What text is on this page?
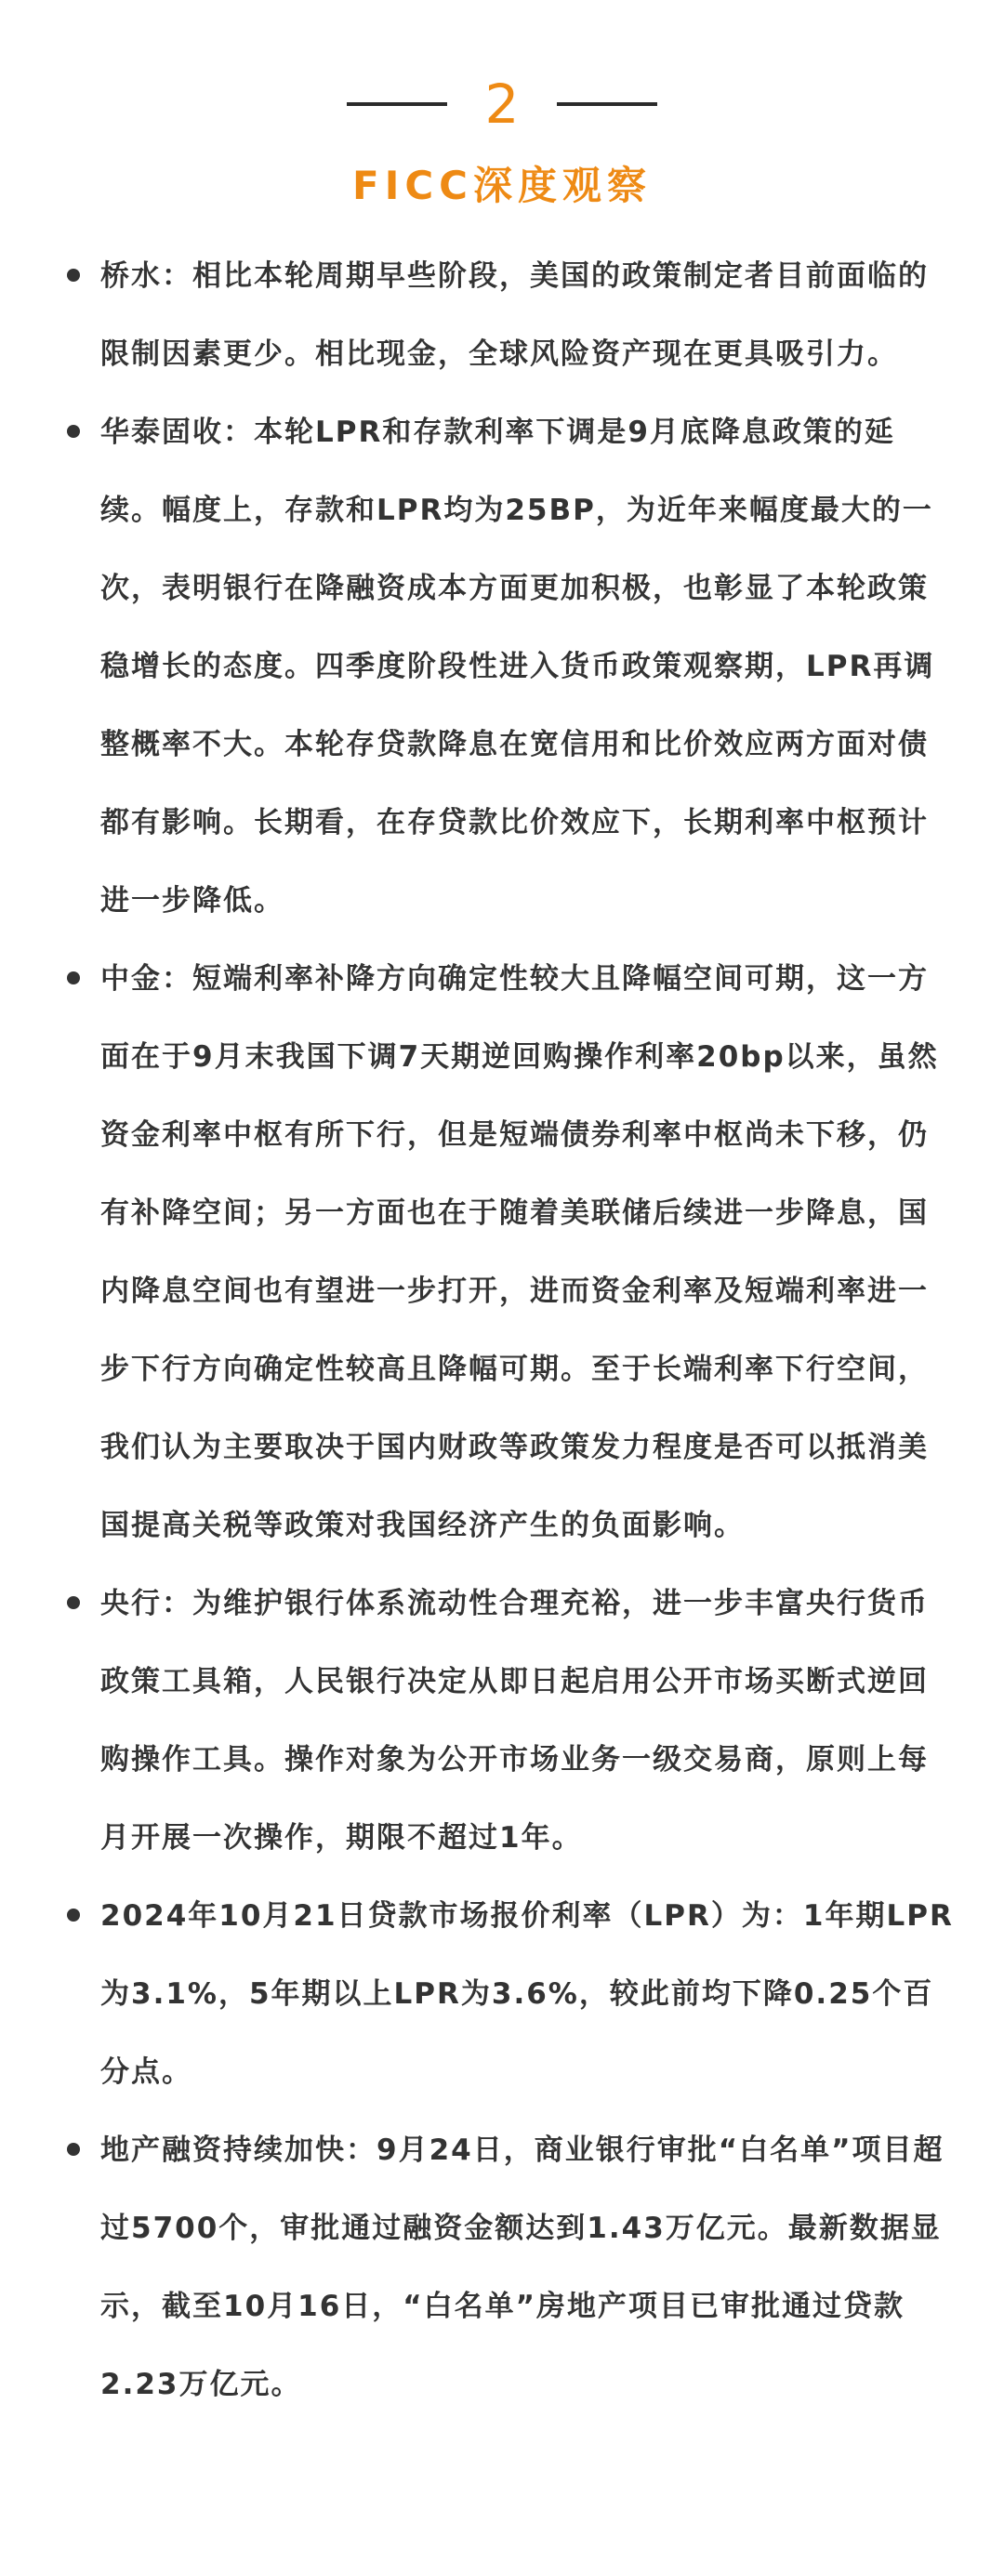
2
FICC深度观察
桥水：相比本轮周期早些阶段，美国的政策制定者目前面临的限制因素更少。相比现金，全球风险资产现在更具吸引力。
华泰固收：本轮LPR和存款利率下调是9月底降息政策的延续。幅度上，存款和LPR均为25BP，为近年来幅度最大的一次，表明银行在降融资成本方面更加积极，也彰显了本轮政策稳增长的态度。四季度阶段性进入货币政策观察期，LPR再调整概率不大。本轮存贷款降息在宽信用和比价效应两方面对债都有影响。长期看，在存贷款比价效应下，长期利率中枢预计进一步降低。
中金：短端利率补降方向确定性较大且降幅空间可期，这一方面在于9月末我国下调7天期逆回购操作利率20bp以来，虽然资金利率中枢有所下行，但是短端债券利率中枢尚未下移，仍有补降空间；另一方面也在于随着美联储后续进一步降息，国内降息空间也有望进一步打开，进而资金利率及短端利率进一步下行方向确定性较高且降幅可期。至于长端利率下行空间，我们认为主要取决于国内财政等政策发力程度是否可以抵消美国提高关税等政策对我国经济产生的负面影响。
央行：为维护银行体系流动性合理充裕，进一步丰富央行货币政策工具箱，人民银行决定从即日起启用公开市场买断式逆回购操作工具。操作对象为公开市场业务一级交易商，原则上每月开展一次操作，期限不超过1年。
2024年10月21日贷款市场报价利率（LPR）为：1年期LPR为3.1%，5年期以上LPR为3.6%，较此前均下降0.25个百分点。
地产融资持续加快：9月24日，商业银行审批“白名单”项目超过5700个，审批通过融资金额达到1.43万亿元。最新数据显示，截至10月16日，“白名单”房地产项目已审批通过贷款2.23万亿元。
